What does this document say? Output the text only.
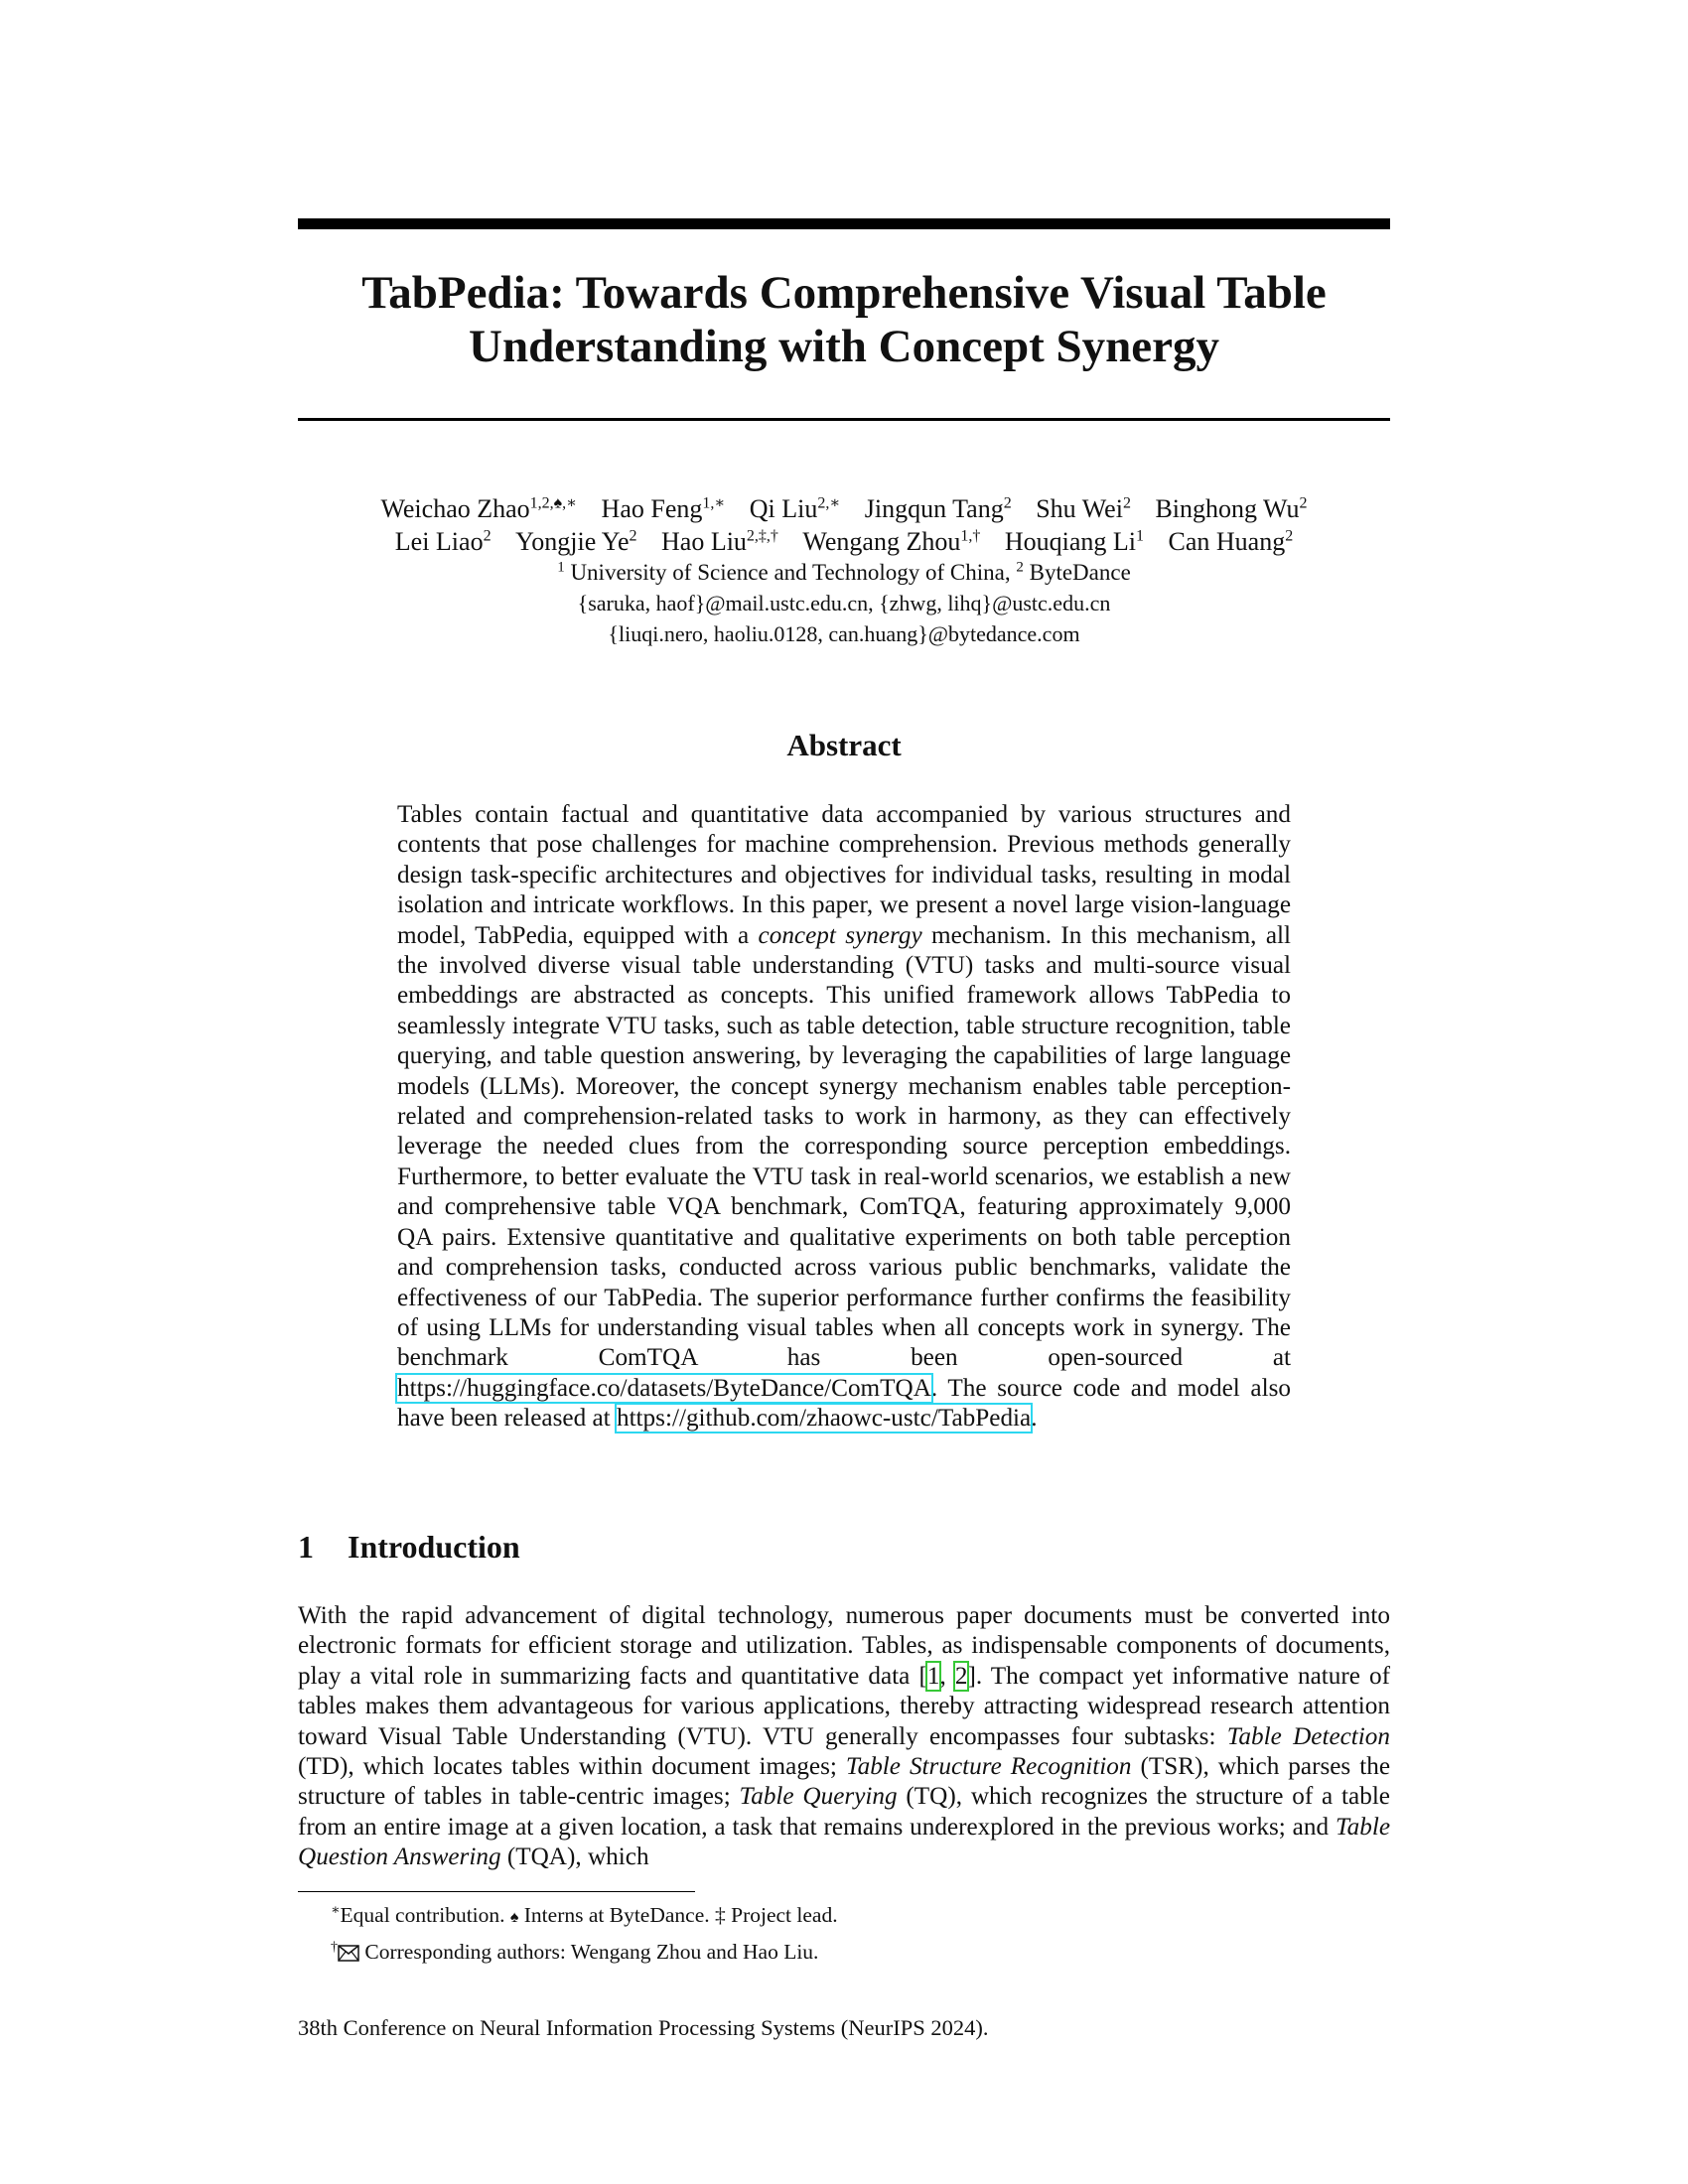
TabPedia: Towards Comprehensive Visual Table
Understanding with Concept Synergy
Weichao Zhao$^{1,2,♠,∗}$ Hao Feng$^{1,∗}$ Qi Liu$^{2,∗}$ Jingqun Tang$^2$ Shu Wei$^2$ Binghong Wu$^2$
Lei Liao$^2$ Yongjie Ye$^2$ Hao Liu$^{2,\ddagger,\dagger}$ Wengang Zhou$^{1,\dagger}$ Houqiang Li$^1$ Can Huang$^2$
$^1$ University of Science and Technology of China, $^2$ ByteDance
{saruka, haof}@mail.ustc.edu.cn, {zhwg, lihq}@ustc.edu.cn
{liuqi.nero, haoliu.0128, can.huang}@bytedance.com
Abstract
Tables contain factual and quantitative data accompanied by various structures and contents that pose challenges for machine comprehension. Previous methods generally design task-specific architectures and objectives for individual tasks, resulting in modal isolation and intricate workflows. In this paper, we present a novel large vision-language model, TabPedia, equipped with a concept synergy mechanism. In this mechanism, all the involved diverse visual table understanding (VTU) tasks and multi-source visual embeddings are abstracted as concepts. This unified framework allows TabPedia to seamlessly integrate VTU tasks, such as table detection, table structure recognition, table querying, and table question answering, by leveraging the capabilities of large language models (LLMs). Moreover, the concept synergy mechanism enables table perception-related and comprehension-related tasks to work in harmony, as they can effectively leverage the needed clues from the corresponding source perception embeddings. Furthermore, to better evaluate the VTU task in real-world scenarios, we establish a new and comprehensive table VQA benchmark, ComTQA, featuring approximately 9,000 QA pairs. Extensive quantitative and qualitative experiments on both table perception and comprehension tasks, conducted across various public benchmarks, validate the effectiveness of our TabPedia. The superior performance further confirms the feasibility of using LLMs for understanding visual tables when all concepts work in synergy. The benchmark ComTQA has been open-sourced at https://huggingface.co/datasets/ByteDance/ComTQA. The source code and model also have been released at https://github.com/zhaowc-ustc/TabPedia.
1 Introduction

With the rapid advancement of digital technology, numerous paper documents must be converted into electronic formats for efficient storage and utilization. Tables, as indispensable components of documents, play a vital role in summarizing facts and quantitative data [1, 2]. The compact yet informative nature of tables makes them advantageous for various applications, thereby attracting widespread research attention toward Visual Table Understanding (VTU). VTU generally encompasses four subtasks: Table Detection (TD), which locates tables within document images; Table Structure Recognition (TSR), which parses the structure of tables in table-centric images; Table Querying (TQ), which recognizes the structure of a table from an entire image at a given location, a task that remains underexplored in the previous works; and Table Question Answering (TQA), which

∗Equal contribution. ♠ Interns at ByteDance. ‡ Project lead.
† Corresponding authors: Wengang Zhou and Hao Liu.
38th Conference on Neural Information Processing Systems (NeurIPS 2024).
